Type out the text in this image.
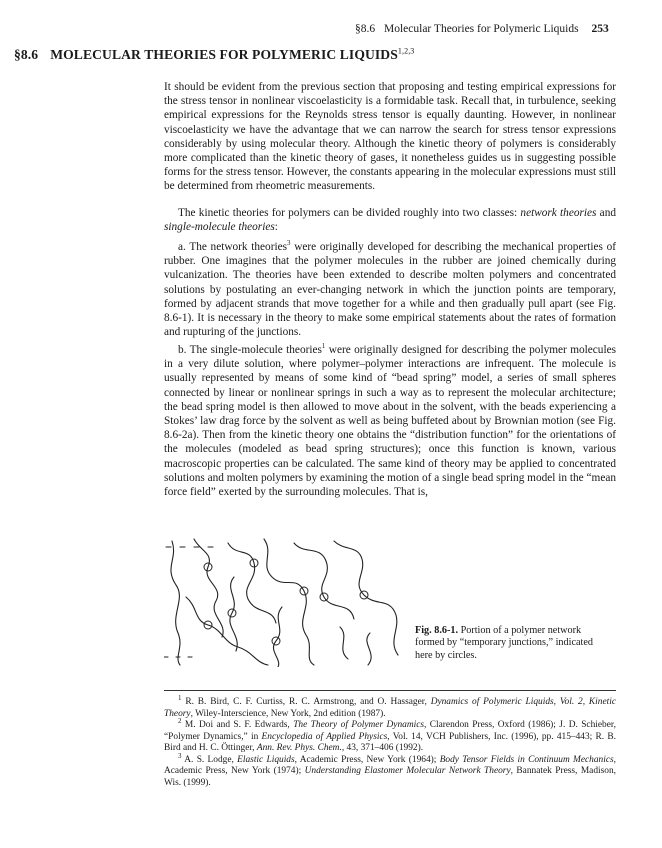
§8.6 Molecular Theories for Polymeric Liquids 253
§8.6 MOLECULAR THEORIES FOR POLYMERIC LIQUIDS$^{1,2,3}$

It should be evident from the previous section that proposing and testing empirical expressions for the stress tensor in nonlinear viscoelasticity is a formidable task. Recall that, in turbulence, seeking empirical expressions for the Reynolds stress tensor is equally daunting. However, in nonlinear viscoelasticity we have the advantage that we can narrow the search for stress tensor expressions considerably by using molecular theory. Although the kinetic theory of polymers is considerably more complicated than the kinetic theory of gases, it nonetheless guides us in suggesting possible forms for the stress tensor. However, the constants appearing in the molecular expressions must still be determined from rheometric measurements.

The kinetic theories for polymers can be divided roughly into two classes: network theories and single-molecule theories:

a. The network theories$^3$ were originally developed for describing the mechanical properties of rubber. One imagines that the polymer molecules in the rubber are joined chemically during vulcanization. The theories have been extended to describe molten polymers and concentrated solutions by postulating an ever-changing network in which the junction points are temporary, formed by adjacent strands that move together for a while and then gradually pull apart (see Fig. 8.6-1). It is necessary in the theory to make some empirical statements about the rates of formation and rupturing of the junctions.

b. The single-molecule theories$^1$ were originally designed for describing the polymer molecules in a very dilute solution, where polymer–polymer interactions are infrequent. The molecule is usually represented by means of some kind of “bead spring” model, a series of small spheres connected by linear or nonlinear springs in such a way as to represent the molecular architecture; the bead spring model is then allowed to move about in the solvent, with the beads experiencing a Stokes’ law drag force by the solvent as well as being buffeted about by Brownian motion (see Fig. 8.6-2a). Then from the kinetic theory one obtains the “distribution function” for the orientations of the molecules (modeled as bead spring structures); once this function is known, various macroscopic properties can be calculated. The same kind of theory may be applied to concentrated solutions and molten polymers by examining the motion of a single bead spring model in the “mean force field” exerted by the surrounding molecules. That is,

Fig. 8.6-1. Portion of a polymer network formed by “temporary junctions,” indicated here by circles.

$^1$ R. B. Bird, C. F. Curtiss, R. C. Armstrong, and O. Hassager, Dynamics of Polymeric Liquids, Vol. 2, Kinetic Theory, Wiley-Interscience, New York, 2nd edition (1987).

$^2$ M. Doi and S. F. Edwards, The Theory of Polymer Dynamics, Clarendon Press, Oxford (1986); J. D. Schieber, “Polymer Dynamics,” in Encyclopedia of Applied Physics, Vol. 14, VCH Publishers, Inc. (1996), pp. 415–443; R. B. Bird and H. C. Öttinger, Ann. Rev. Phys. Chem., 43, 371–406 (1992).

$^3$ A. S. Lodge, Elastic Liquids, Academic Press, New York (1964); Body Tensor Fields in Continuum Mechanics, Academic Press, New York (1974); Understanding Elastomer Molecular Network Theory, Bannatek Press, Madison, Wis. (1999).
